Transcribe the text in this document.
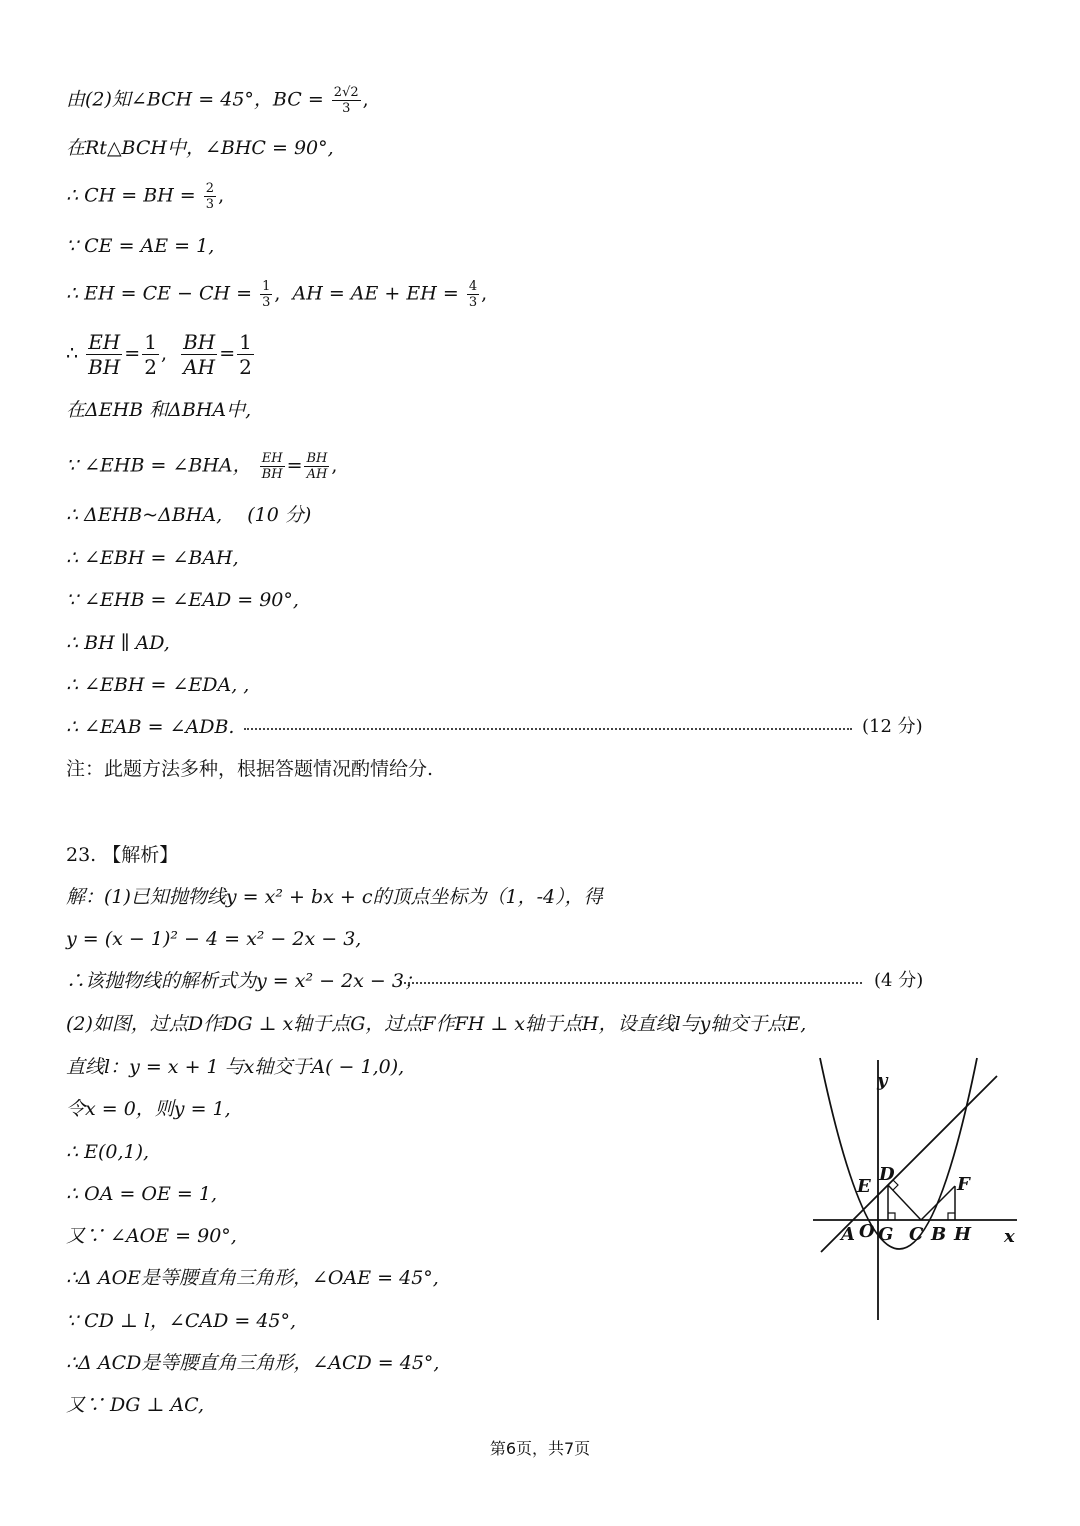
由(2)知∠BCH = 45°，BC = $\frac{2√2}{3}$ ,
在Rt△BCH中，∠BHC = 90°,
∴ CH = BH = $\frac{2}{3}$ ,
∵ CE = AE = 1,
∴ EH = CE − CH = $\frac{1}{3}$ ,  AH = AE + EH = $\frac{4}{3}$ ,
∴ $\frac{EH}{BH} = \frac{1}{2}$ , $\frac{BH}{AH} = \frac{1}{2}$
在ΔEHB 和ΔBHA中,
∵ ∠EHB = ∠BHA， $\frac{EH}{BH} = \frac{BH}{AH}$ ,
∴ ΔEHB~ΔBHA,　 (10 分)
∴ ∠EBH = ∠BAH,
∵ ∠EHB = ∠EAD = 90°,
∴ BH ∥ AD,
∴ ∠EBH = ∠EDA, ,
∴ ∠EAB = ∠ADB.	(12 分)
注：此题方法多种，根据答题情况酌情给分.
23. 【解析】
解：(1)已知抛物线y = x² + bx + c的顶点坐标为（1，-4），得
y = (x − 1)² − 4 = x² − 2x − 3,
∴该抛物线的解析式为y = x² − 2x − 3；	(4 分)
(2)如图，过点D作DG ⊥ x轴于点G，过点F作FH ⊥ x轴于点H，设直线l与y轴交于点E,
直线l：y = x + 1 与x轴交于A( − 1,0),
令x = 0，则y = 1,
∴ E(0,1),
∴ OA = OE = 1,
又∵ ∠AOE = 90°,
∴Δ AOE是等腰直角三角形，∠OAE = 45°,
∵ CD ⊥ l，∠CAD = 45°,
∴Δ ACD是等腰直角三角形，∠ACD = 45°,
又∵ DG ⊥ AC,
y
x
D
E	F
A O G C B H
第6页，共7页
